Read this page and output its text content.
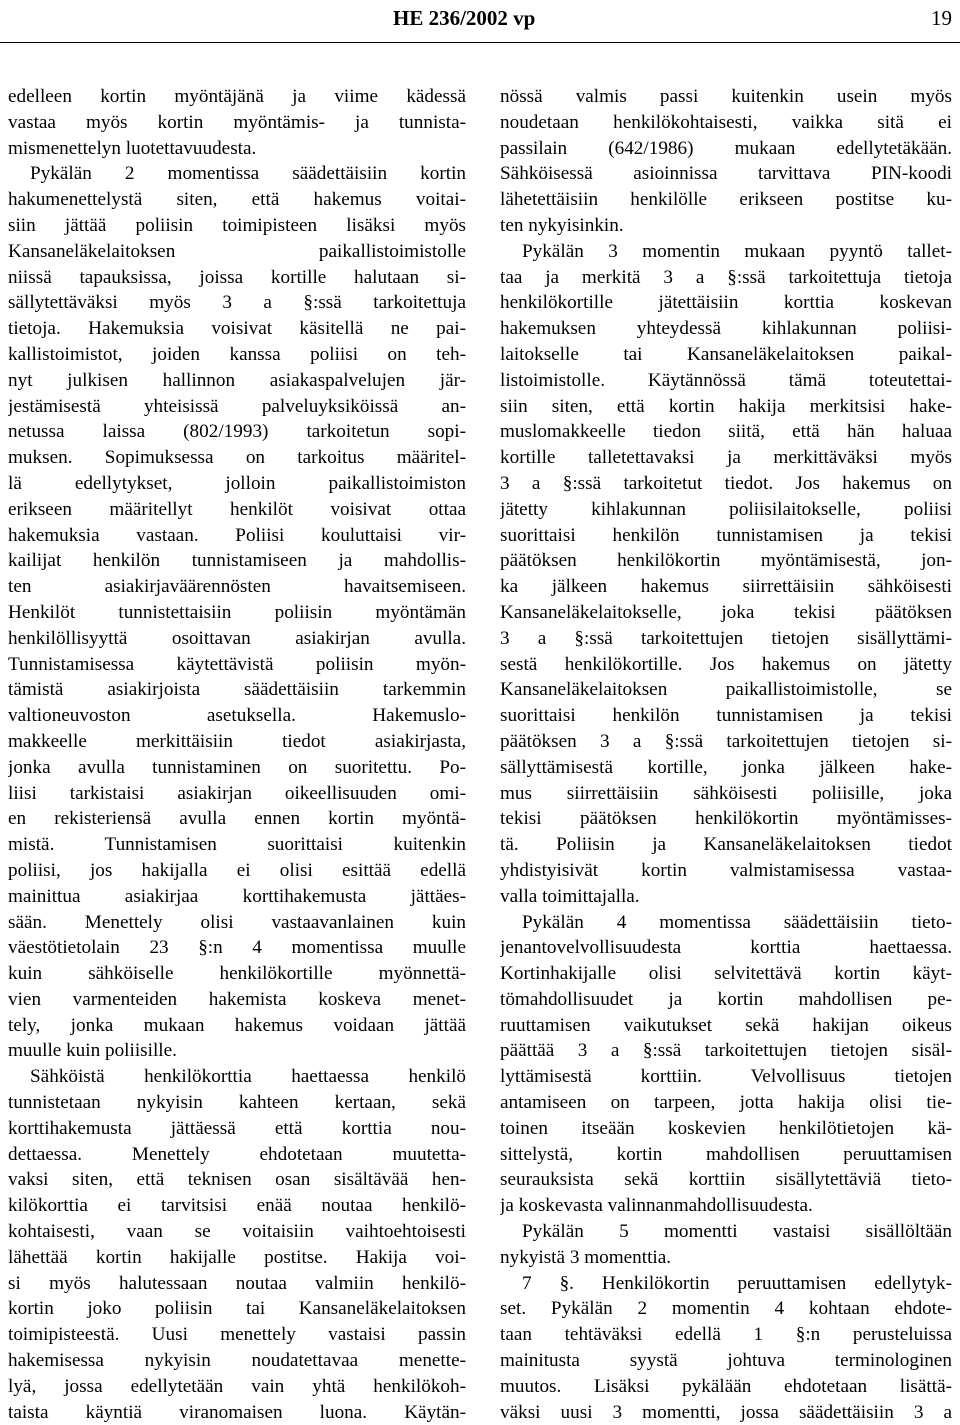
HE 236/2002 vp	19
edelleen kortin myöntäjänä ja viime kädessä
vastaa myös kortin myöntämis- ja tunnista-
mismenettelyn luotettavuudesta.
Pykälän 2 momentissa säädettäisiin kortin
hakumenettelystä siten, että hakemus voitai-
siin jättää poliisin toimipisteen lisäksi myös
Kansaneläkelaitoksen paikallistoimistolle
niissä tapauksissa, joissa kortille halutaan si-
sällytettäväksi myös 3 a §:ssä tarkoitettuja
tietoja. Hakemuksia voisivat käsitellä ne pai-
kallistoimistot, joiden kanssa poliisi on teh-
nyt julkisen hallinnon asiakaspalvelujen jär-
jestämisestä yhteisissä palveluyksiköissä an-
netussa laissa (802/1993) tarkoitetun sopi-
muksen. Sopimuksessa on tarkoitus määritel-
lä edellytykset, jolloin paikallistoimiston
erikseen määritellyt henkilöt voisivat ottaa
hakemuksia vastaan. Poliisi kouluttaisi vir-
kailijat henkilön tunnistamiseen ja mahdollis-
ten asiakirjaväärennösten havaitsemiseen.
Henkilöt tunnistettaisiin poliisin myöntämän
henkilöllisyyttä osoittavan asiakirjan avulla.
Tunnistamisessa käytettävistä poliisin myön-
tämistä asiakirjoista säädettäisiin tarkemmin
valtioneuvoston asetuksella. Hakemuslo-
makkeelle merkittäisiin tiedot asiakirjasta,
jonka avulla tunnistaminen on suoritettu. Po-
liisi tarkistaisi asiakirjan oikeellisuuden omi-
en rekisteriensä avulla ennen kortin myöntä-
mistä. Tunnistamisen suorittaisi kuitenkin
poliisi, jos hakijalla ei olisi esittää edellä
mainittua asiakirjaa korttihakemusta jättäes-
sään. Menettely olisi vastaavanlainen kuin
väestötietolain 23 §:n 4 momentissa muulle
kuin sähköiselle henkilökortille myönnettä-
vien varmenteiden hakemista koskeva menet-
tely, jonka mukaan hakemus voidaan jättää
muulle kuin poliisille.
Sähköistä henkilökorttia haettaessa henkilö
tunnistetaan nykyisin kahteen kertaan, sekä
korttihakemusta jättäessä että korttia nou-
dettaessa. Menettely ehdotetaan muutetta-
vaksi siten, että teknisen osan sisältävää hen-
kilökorttia ei tarvitsisi enää noutaa henkilö-
kohtaisesti, vaan se voitaisiin vaihtoehtoisesti
lähettää kortin hakijalle postitse. Hakija voi-
si myös halutessaan noutaa valmiin henkilö-
kortin joko poliisin tai Kansaneläkelaitoksen
toimipisteestä. Uusi menettely vastaisi passin
hakemisessa nykyisin noudatettavaa menette-
lyä, jossa edellytetään vain yhtä henkilökoh-
taista käyntiä viranomaisen luona. Käytän-
nössä valmis passi kuitenkin usein myös
noudetaan henkilökohtaisesti, vaikka sitä ei
passilain (642/1986) mukaan edellytetäkään.
Sähköisessä asioinnissa tarvittava PIN-koodi
lähetettäisiin henkilölle erikseen postitse ku-
ten nykyisinkin.
Pykälän 3 momentin mukaan pyyntö tallet-
taa ja merkitä 3 a §:ssä tarkoitettuja tietoja
henkilökortille jätettäisiin korttia koskevan
hakemuksen yhteydessä kihlakunnan poliisi-
laitokselle tai Kansaneläkelaitoksen paikal-
listoimistolle. Käytännössä tämä toteutettai-
siin siten, että kortin hakija merkitsisi hake-
muslomakkeelle tiedon siitä, että hän haluaa
kortille talletettavaksi ja merkittäväksi myös
3 a §:ssä tarkoitetut tiedot. Jos hakemus on
jätetty kihlakunnan poliisilaitokselle, poliisi
suorittaisi henkilön tunnistamisen ja tekisi
päätöksen henkilökortin myöntämisestä, jon-
ka jälkeen hakemus siirrettäisiin sähköisesti
Kansaneläkelaitokselle, joka tekisi päätöksen
3 a §:ssä tarkoitettujen tietojen sisällyttämi-
sestä henkilökortille. Jos hakemus on jätetty
Kansaneläkelaitoksen paikallistoimistolle, se
suorittaisi henkilön tunnistamisen ja tekisi
päätöksen 3 a §:ssä tarkoitettujen tietojen si-
sällyttämisestä kortille, jonka jälkeen hake-
mus siirrettäisiin sähköisesti poliisille, joka
tekisi päätöksen henkilökortin myöntämisses-
tä. Poliisin ja Kansaneläkelaitoksen tiedot
yhdistyisivät kortin valmistamisessa vastaa-
valla toimittajalla.
Pykälän 4 momentissa säädettäisiin tieto-
jenantovelvollisuudesta korttia haettaessa.
Kortinhakijalle olisi selvitettävä kortin käyt-
tömahdollisuudet ja kortin mahdollisen pe-
ruuttamisen vaikutukset sekä hakijan oikeus
päättää 3 a §:ssä tarkoitettujen tietojen sisäl-
lyttämisestä korttiin. Velvollisuus tietojen
antamiseen on tarpeen, jotta hakija olisi tie-
toinen itseään koskevien henkilötietojen kä-
sittelystä, kortin mahdollisen peruuttamisen
seurauksista sekä korttiin sisällytettäviä tieto-
ja koskevasta valinnanmahdollisuudesta.
Pykälän 5 momentti vastaisi sisällöltään
nykyistä 3 momenttia.
7 §. Henkilökortin peruuttamisen edellytyk-
set. Pykälän 2 momentin 4 kohtaan ehdote-
taan tehtäväksi edellä 1 §:n perusteluissa
mainitusta syystä johtuva terminologinen
muutos. Lisäksi pykälään ehdotetaan lisättä-
väksi uusi 3 momentti, jossa säädettäisiin 3 a
